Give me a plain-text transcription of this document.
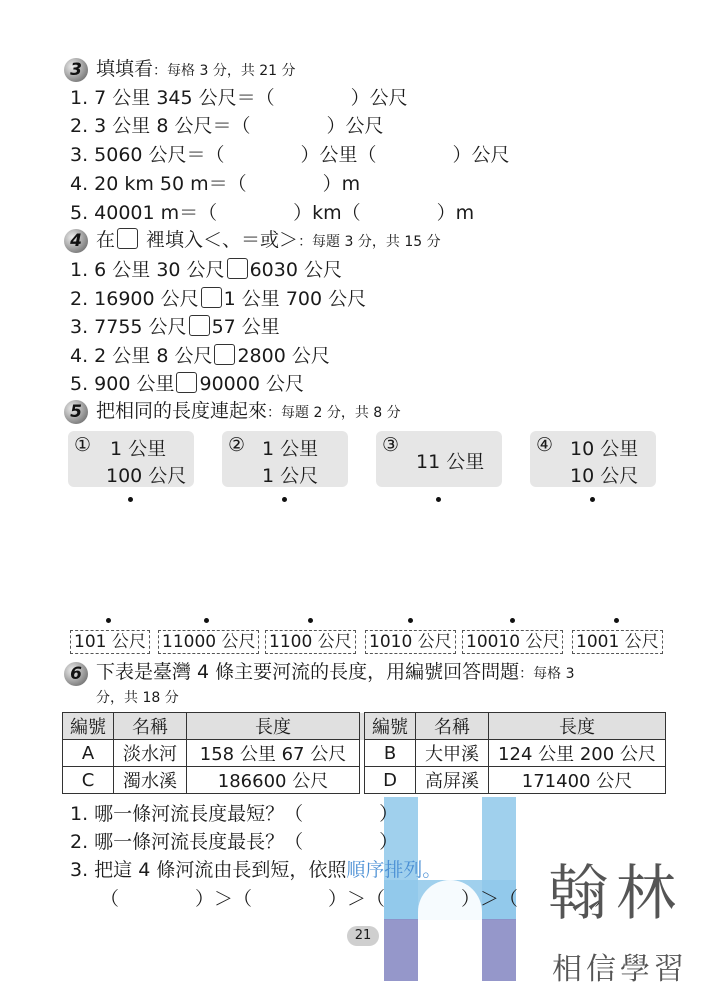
3 填填看：每格 3 分，共 21 分
1. 7 公里 345 公尺＝（　　　　）公尺
2. 3 公里 8 公尺＝（　　　　）公尺
3. 5060 公尺＝（　　　　）公里（　　　　）公尺
4. 20 km 50 m＝（　　　　）m
5. 40001 m＝（　　　　）km（　　　　）m
4 在 裡填入＜、＝或＞：每題 3 分，共 15 分
1. 6 公里 30 公尺 6030 公尺
2. 16900 公尺 1 公里 700 公尺
3. 7755 公尺 57 公里
4. 2 公里 8 公尺 2800 公尺
5. 900 公里 90000 公尺
5 把相同的長度連起來：每題 2 分，共 8 分
① 1 公里
100 公尺
② 1 公里
1 公尺
③
11 公里
④ 10 公里
10 公尺
101 公尺 11000 公尺 1100 公尺 1010 公尺 10010 公尺 1001 公尺
6 下表是臺灣 4 條主要河流的長度，用編號回答問題：每格 3
分，共 18 分
編號	名稱	長度		編號	名稱	長度
A	淡水河	158 公里 67 公尺		B	大甲溪	124 公里 200 公尺
C	濁水溪	186600 公尺		D	高屏溪	171400 公尺
1. 哪一條河流長度最短？（　　　　）
2. 哪一條河流長度最長？（　　　　）
3. 把這 4 條河流由長到短，依照順序排列。
（　　　　）＞（　　　　）＞（　　　　）＞（　　　　）
翰林
相信學習
21
